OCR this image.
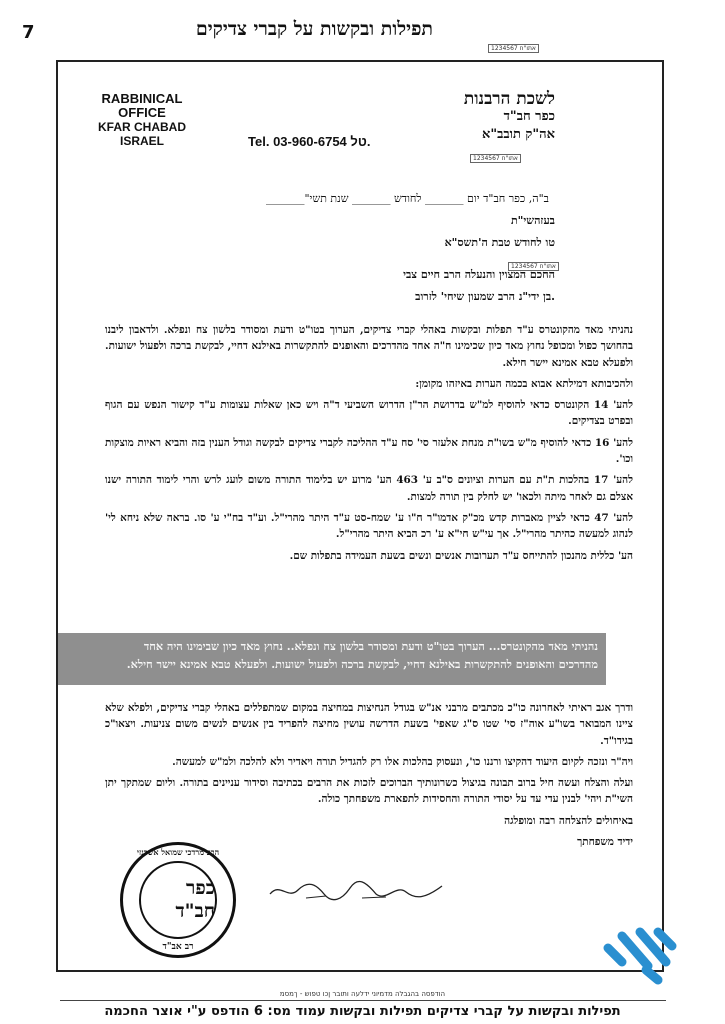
7	תפילות ובקשות על קברי צדיקים
RABBINICAL OFFICE
KFAR CHABAD
ISRAEL
לשכת הרבנות
כפר חב"ד
אה"ק תובב"א
1234567 אתו"ח
1234567 אתו"ח
1234567 אתו"ח
Tel. 03-960-6754 טל.
ב"ה, כפר חב"ד יום _______ לחודש _______ שנת תשי"_______
בעזהשי"ת
טו לחודש טבת ה'תשס"א
החכם המצוין והנעלה הרב חיים צבי
בן ידי"נ הרב שמעון שיחי' לזרוב.

נהניתי מאד מהקונטרס ע"ד תפלות ובקשות באהלי קברי צדיקים, הערוך בטו"ט ודעת ומסודר בלשון צח ונפלא. ולדאבון ליבנו בהחושך כפול ומכופל נחוץ מאד כיון שכימינו ח"ה אחד מהדרכים והאופנים להתקשרות באילנא דחיי, לבקשת ברכה ולפעול ישועות. ולפעלא טבא אמינא יישר חילא.

ולהכיבותא דמילתא אבוא בכמה הערות באיזהו מקומן:

להע' 14 הקונטרס כדאי להוסיף למ"ש בדרושת הר"ן הדרוש השביעי ד"ה ויש כאן שאלות עצומות ע"ד קישור הנפש עם הגוף ובפרט בצדיקים.

להע' 16 כדאי להוסיף מ"ש בשו"ת מנחת אלעזר סי' סח ע"ד ההליכה לקברי צדיקים לבקשה וגודל הענין בזה והביא ראיות מוצקות וכו'.

להע' 17 בהלכות ת"ת עם הערות וציונים ס"ב ע' 463 הע' מרוע יש בלימוד התורה משום לועג לרש והרי לימוד התורה ישנו אצלם גם לאחר מיתה ולכאו' יש לחלק בין תורה למצות.

להע' 47 כדאי לציין מאברות קדש מכ"ק אדמו"ר ח"ו ע' שמח-סט ע"ד היתר מהרי"ל. וע"ד בח"י ע' סו. בראה שלא ניחא לי' לנהוג למעשה כהיתר מהרי"ל. אך עי"ש חי"א ע' רכ הביא היתר מהרי"ל.

הע' כללית מהנכון להתייחס ע"ד תערובות אנשים ונשים בשעת העמידה בתפלות שם.

נהניתי מאד מהקונטרס... הערוך בטו"ט ודעת ומסודר בלשון צח ונפלא.. נחוץ מאד כיון שבימינו היה אחד
מהדרכים והאופנים להתקשרות באילנא דחיי, לבקשת ברכה ולפעול ישועות. ולפעלא טבא אמינא יישר חילא.

ודרך אגב ראיתי לאחרונה כו"כ מכתבים מרבני אנ"ש בגודל הנחיצות במחיצה במקום שמתפללים באהלי קברי צדיקים, ולפלא שלא ציינו המבואר בשו"ע אוה"ז סי' שטו ס"ג שאפי' בשעת הדרשה עושין מחיצה להפריד בין אנשים לנשים משום צניעות. ויצאו"כ בגידו"ד.

ויה"ר ונזכה לקיום היעוד דהקיצו ורננו כו', ונעסוק בהלכות אלו רק להגדיל תורה ויאדיר ולא להלכה ולמ"ש למעשה.

ועלה והצלח ועשה חיל ברוב תבונה בגיצול כשרונותיך הברוכים לזכות את הרבים בכתיבה וסידור עניינים בתורה. וליום שמתקך יתן השי"ת ויהי' לבנין עדי עד על יסודי התורה והחסידות לתפארת משפחתך כולה.

באיחולים להצלחה רבה ומופלגה

ידיד משפחתך

הרב מרדכי שמואל אשכנזי
כפר חב"ד
רב אב"ד
הודפסה בהגבלה מדמיוני ידלעה ותובר ןכו טפוש - ךמסמ
תפילות ובקשות על קברי צדיקים תפילות ובקשות עמוד מס: 6 הודפס ע"י אוצר החכמה
